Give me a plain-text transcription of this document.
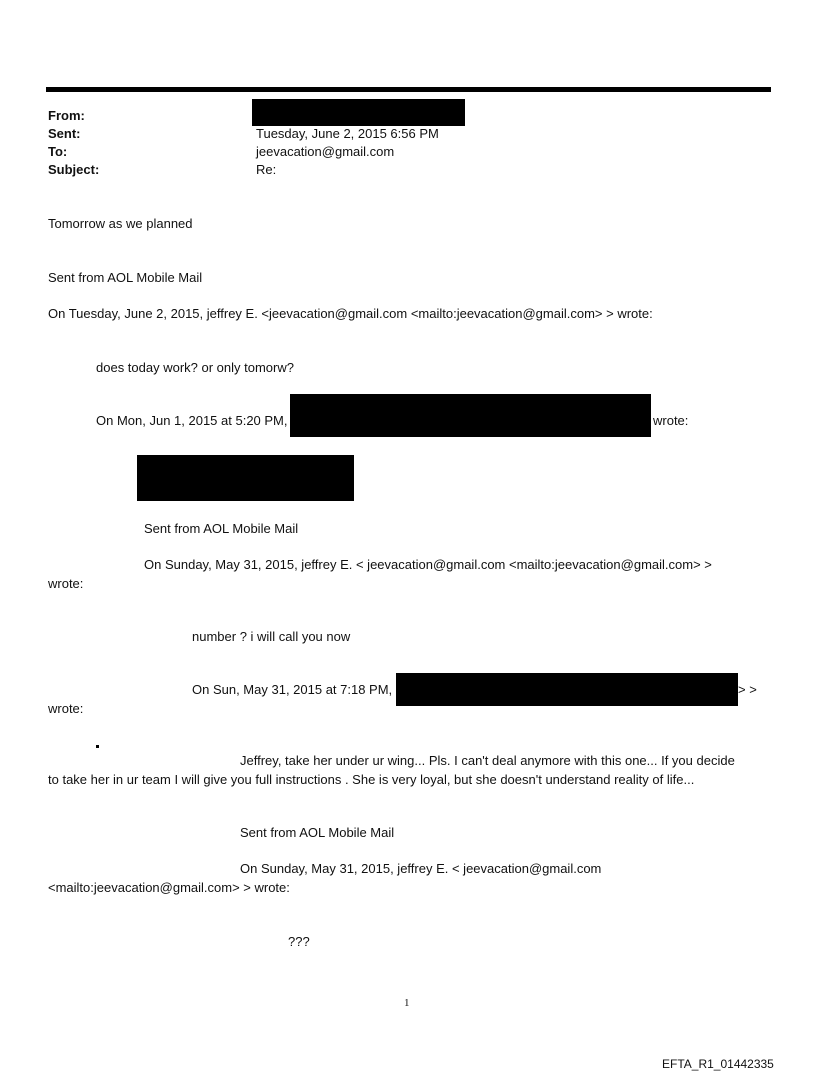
From:
Sent:	Tuesday, June 2, 2015 6:56 PM
To:	jeevacation@gmail.com
Subject:	Re:
Tomorrow as we planned
Sent from AOL Mobile Mail
On Tuesday, June 2, 2015, jeffrey E. <jeevacation@gmail.com <mailto:jeevacation@gmail.com> > wrote:
does today work? or only tomorw?
On Mon, Jun 1, 2015 at 5:20 PM,	wrote:
Sent from AOL Mobile Mail
On Sunday, May 31, 2015, jeffrey E. < jeevacation@gmail.com <mailto:jeevacation@gmail.com> >
wrote:
number ? i will call you now
On Sun, May 31, 2015 at 7:18 PM,	> >
wrote:
Jeffrey, take her under ur wing... Pls. I can't deal anymore with this one... If you decide
to take her in ur team I will give you full instructions . She is very loyal, but she doesn't understand reality of life...
Sent from AOL Mobile Mail
On Sunday, May 31, 2015, jeffrey E. < jeevacation@gmail.com
<mailto:jeevacation@gmail.com> > wrote:
???
1
EFTA_R1_01442335
